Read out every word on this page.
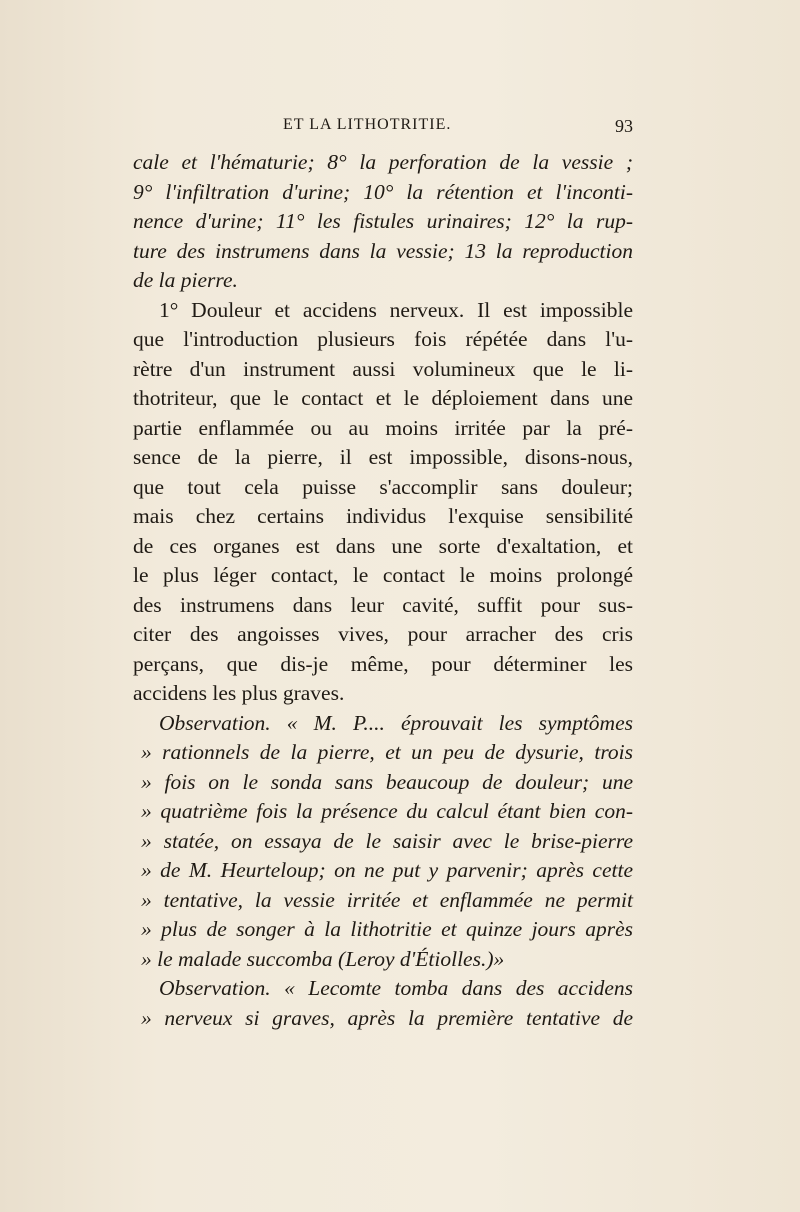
ET LA LITHOTRITIE.	93
cale et l'hématurie; 8° la perforation de la vessie ;
9° l'infiltration d'urine; 10° la rétention et l'inconti-
nence d'urine; 11° les fistules urinaires; 12° la rup-
ture des instrumens dans la vessie; 13 la reproduction
de la pierre.
1° Douleur et accidens nerveux. Il est impossible
que l'introduction plusieurs fois répétée dans l'u-
rètre d'un instrument aussi volumineux que le li-
thotriteur, que le contact et le déploiement dans une
partie enflammée ou au moins irritée par la pré-
sence de la pierre, il est impossible, disons-nous,
que tout cela puisse s'accomplir sans douleur;
mais chez certains individus l'exquise sensibilité
de ces organes est dans une sorte d'exaltation, et
le plus léger contact, le contact le moins prolongé
des instrumens dans leur cavité, suffit pour sus-
citer des angoisses vives, pour arracher des cris
perçans, que dis-je même, pour déterminer les
accidens les plus graves.
Observation. « M. P.... éprouvait les symptômes
» rationnels de la pierre, et un peu de dysurie, trois
» fois on le sonda sans beaucoup de douleur; une
» quatrième fois la présence du calcul étant bien con-
» statée, on essaya de le saisir avec le brise-pierre
» de M. Heurteloup; on ne put y parvenir; après cette
» tentative, la vessie irritée et enflammée ne permit
» plus de songer à la lithotritie et quinze jours après
» le malade succomba (Leroy d'Étiolles.)»
Observation. « Lecomte tomba dans des accidens
» nerveux si graves, après la première tentative de
